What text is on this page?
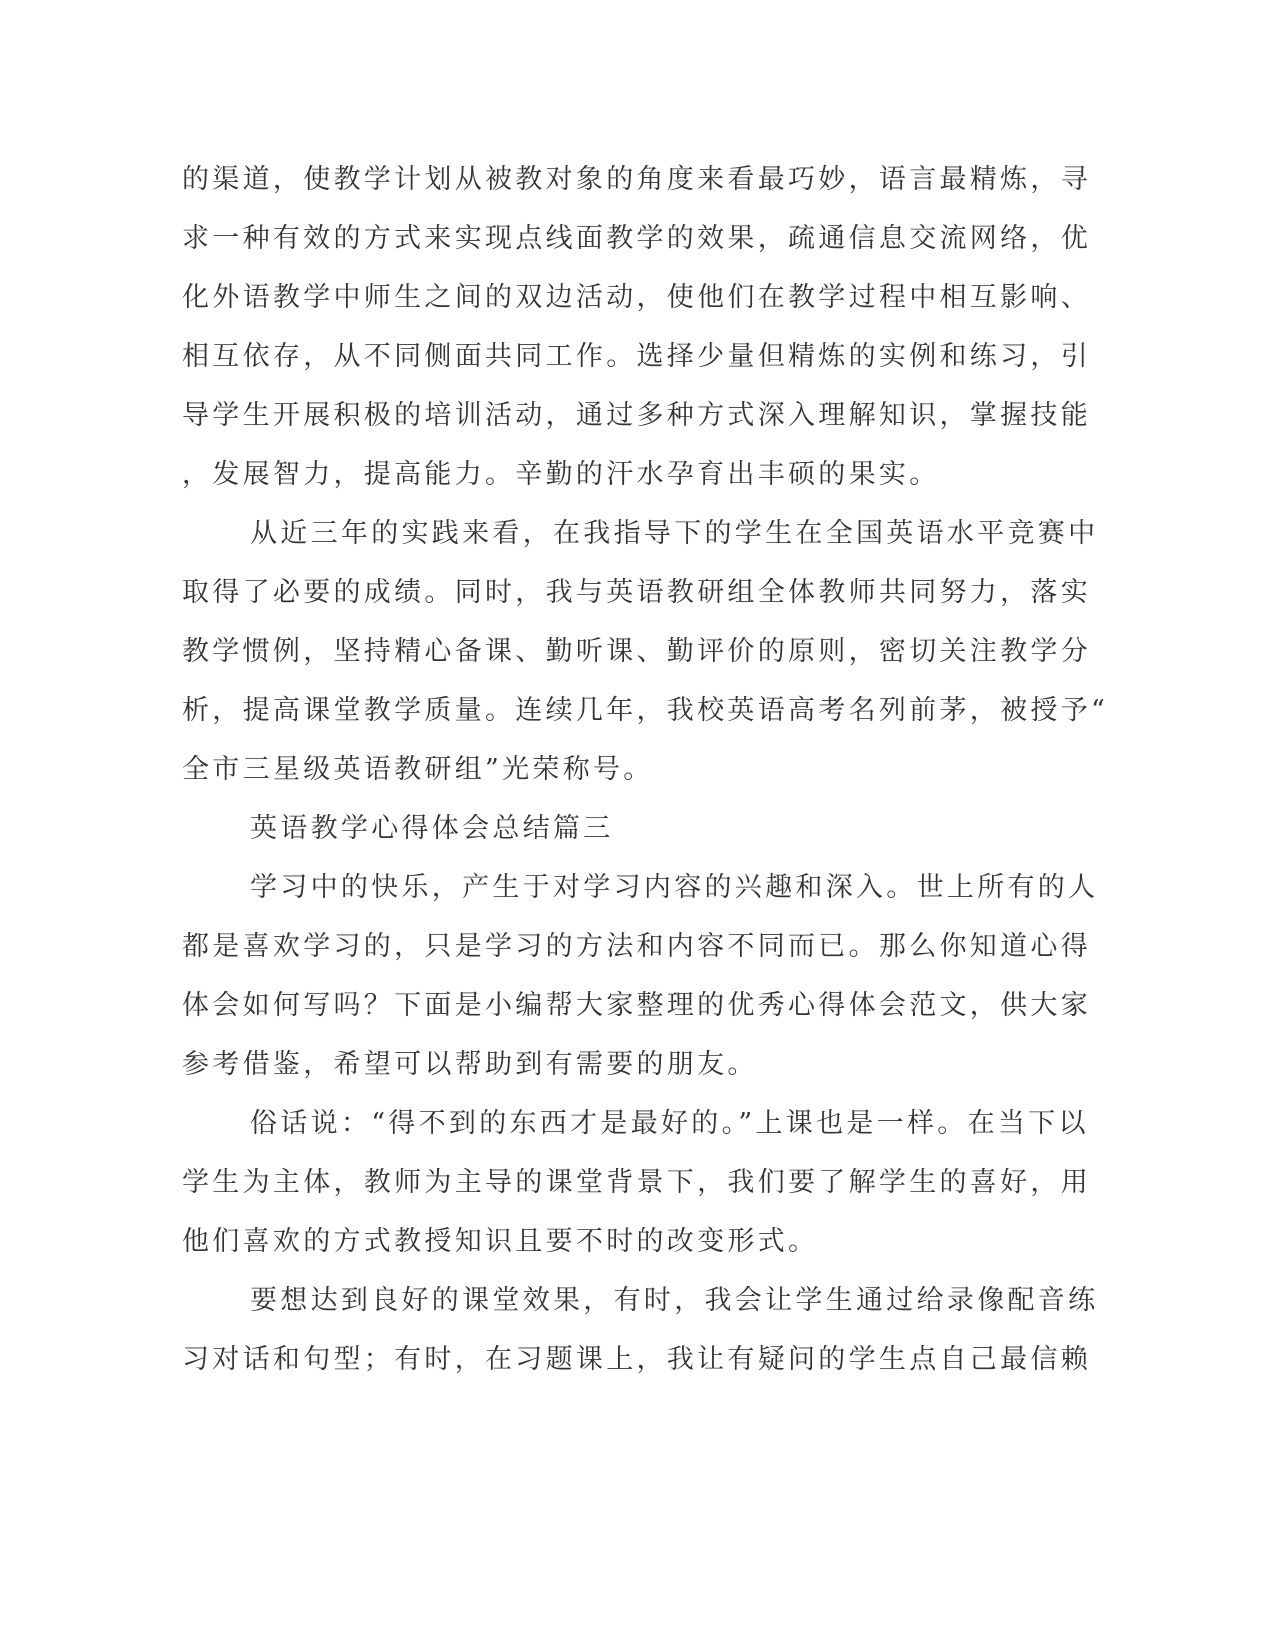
的渠道，使教学计划从被教对象的角度来看最巧妙，语言最精炼，寻
求一种有效的方式来实现点线面教学的效果，疏通信息交流网络，优
化外语教学中师生之间的双边活动，使他们在教学过程中相互影响、
相互依存，从不同侧面共同工作。选择少量但精炼的实例和练习，引
导学生开展积极的培训活动，通过多种方式深入理解知识，掌握技能
，发展智力，提高能力。辛勤的汗水孕育出丰硕的果实。
从近三年的实践来看，在我指导下的学生在全国英语水平竞赛中
取得了必要的成绩。同时，我与英语教研组全体教师共同努力，落实
教学惯例，坚持精心备课、勤听课、勤评价的原则，密切关注教学分
析，提高课堂教学质量。连续几年，我校英语高考名列前茅，被授予“
全市三星级英语教研组”光荣称号。
英语教学心得体会总结篇三
学习中的快乐，产生于对学习内容的兴趣和深入。世上所有的人
都是喜欢学习的，只是学习的方法和内容不同而已。那么你知道心得
体会如何写吗？下面是小编帮大家整理的优秀心得体会范文，供大家
参考借鉴，希望可以帮助到有需要的朋友。
俗话说：“得不到的东西才是最好的。”上课也是一样。在当下以
学生为主体，教师为主导的课堂背景下，我们要了解学生的喜好，用
他们喜欢的方式教授知识且要不时的改变形式。
要想达到良好的课堂效果，有时，我会让学生通过给录像配音练
习对话和句型；有时，在习题课上，我让有疑问的学生点自己最信赖
